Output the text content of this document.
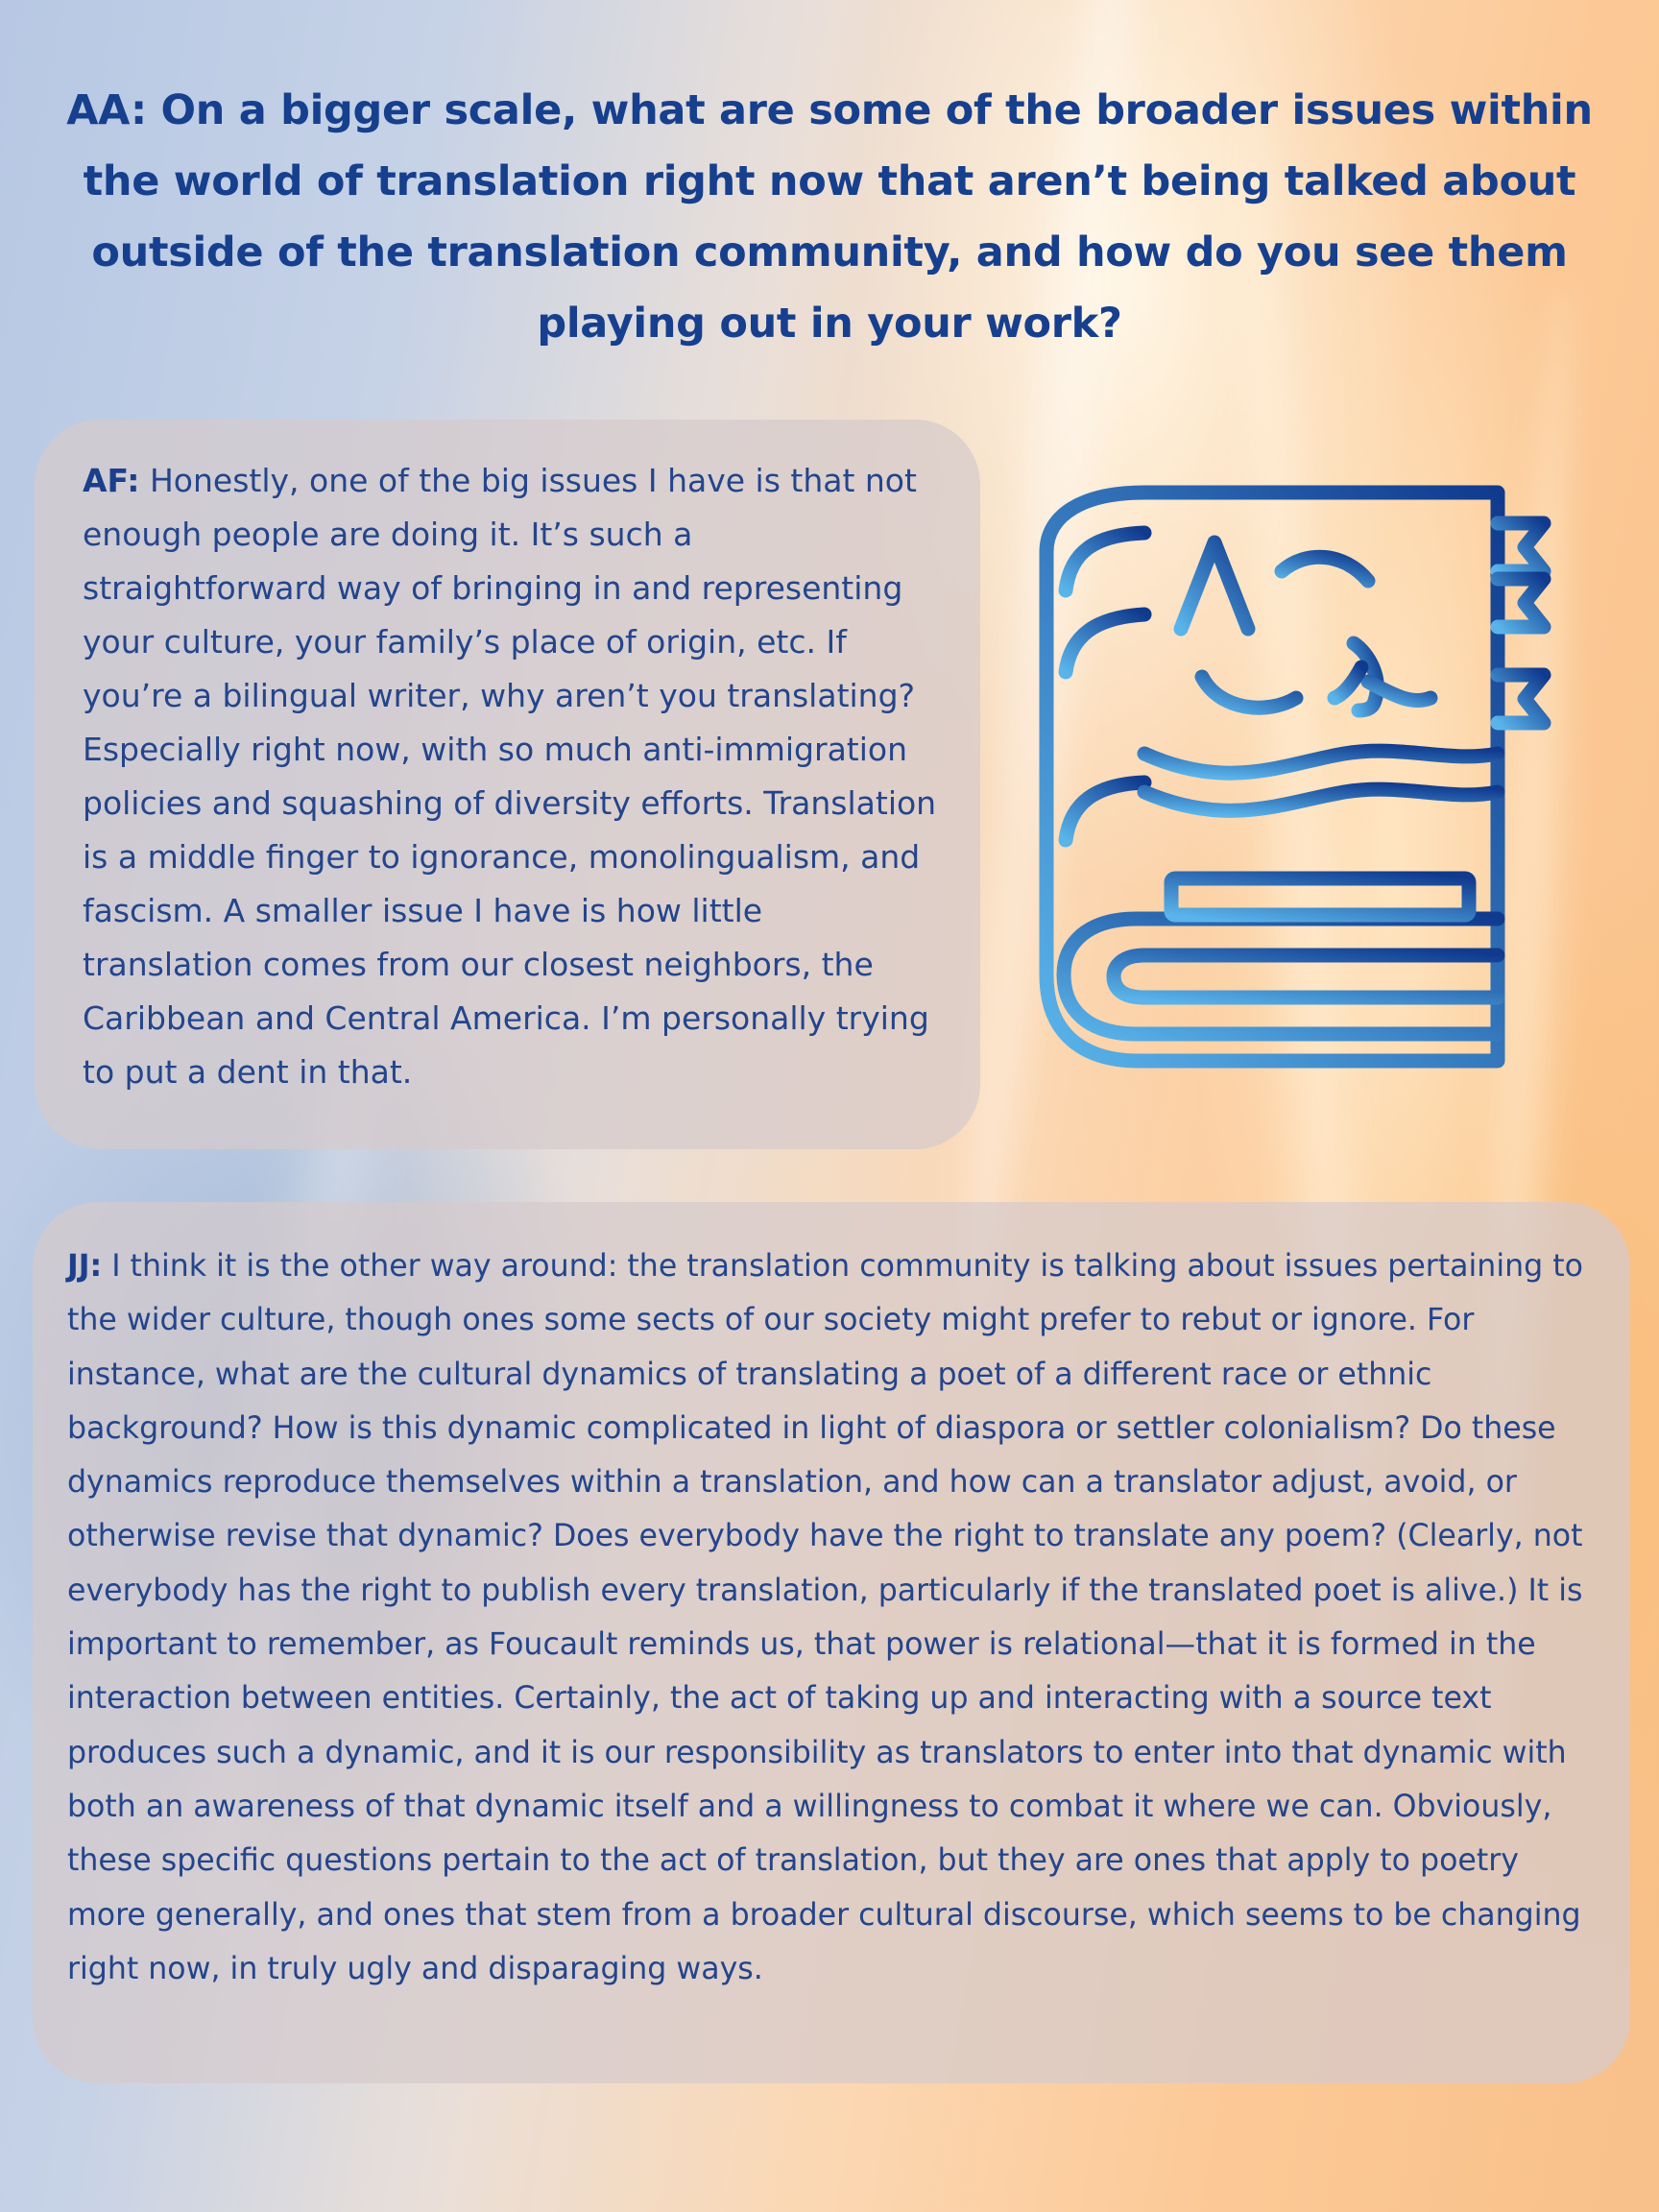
AA: On a bigger scale, what are some of the broader issues within the world of translation right now that aren’t being talked about outside of the translation community, and how do you see them playing out in your work?

AF: Honestly, one of the big issues I have is that not enough people are doing it. It’s such a straightforward way of bringing in and representing your culture, your family’s place of origin, etc. If you’re a bilingual writer, why aren’t you translating? Especially right now, with so much anti-immigration policies and squashing of diversity efforts. Translation is a middle finger to ignorance, monolingualism, and fascism. A smaller issue I have is how little translation comes from our closest neighbors, the Caribbean and Central America. I’m personally trying to put a dent in that.

JJ: I think it is the other way around: the translation community is talking about issues pertaining to the wider culture, though ones some sects of our society might prefer to rebut or ignore. For instance, what are the cultural dynamics of translating a poet of a different race or ethnic background? How is this dynamic complicated in light of diaspora or settler colonialism? Do these dynamics reproduce themselves within a translation, and how can a translator adjust, avoid, or otherwise revise that dynamic? Does everybody have the right to translate any poem? (Clearly, not everybody has the right to publish every translation, particularly if the translated poet is alive.) It is important to remember, as Foucault reminds us, that power is relational—that it is formed in the interaction between entities. Certainly, the act of taking up and interacting with a source text produces such a dynamic, and it is our responsibility as translators to enter into that dynamic with both an awareness of that dynamic itself and a willingness to combat it where we can. Obviously, these specific questions pertain to the act of translation, but they are ones that apply to poetry more generally, and ones that stem from a broader cultural discourse, which seems to be changing right now, in truly ugly and disparaging ways.
